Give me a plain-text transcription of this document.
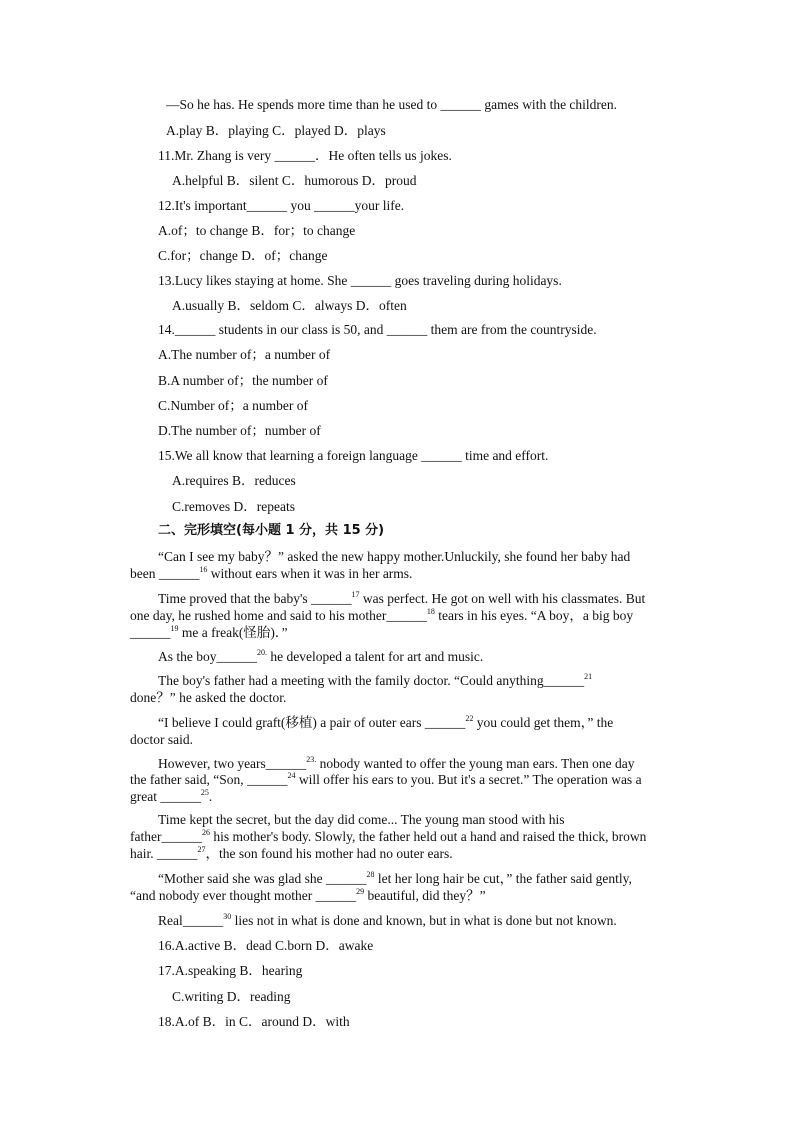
—So he has. He spends more time than he used to ______ games with the children.
A.play B．playing C．played D．plays
11.Mr. Zhang is very ______．He often tells us jokes.
A.helpful B．silent C．humorous D．proud
12.It's important______ you ______your life.
A.of；to change B．for；to change
C.for；change D．of；change
13.Lucy likes staying at home. She ______ goes traveling during holidays.
A.usually B．seldom C．always D．often
14.______ students in our class is 50, and ______ them are from the countryside.
A.The number of；a number of
B.A number of；the number of
C.Number of；a number of
D.The number of；number of
15.We all know that learning a foreign language ______ time and effort.
A.requires B．reduces
C.removes D．repeats
二、完形填空(每小题 1 分，共 15 分)
“Can I see my baby？” asked the new happy mother.Unluckily, she found her baby had
been ______$^{16}$ without ears when it was in her arms.
Time proved that the baby's ______$^{17}$ was perfect. He got on well with his classmates. But
one day, he rushed home and said to his mother______$^{18}$ tears in his eyes. “A boy，a big boy
______$^{19}$ me a freak(怪胎)．”
As the boy______$^{20.}$ he developed a talent for art and music.
The boy's father had a meeting with the family doctor. “Could anything______$^{21}$
done？” he asked the doctor.
“I believe I could graft(移植) a pair of outer ears ______$^{22}$ you could get them，” the
doctor said.
However, two years______$^{23.}$ nobody wanted to offer the young man ears. Then one day
the father said, “Son, ______$^{24}$ will offer his ears to you. But it's a secret.” The operation was a
great ______$^{25}$.
Time kept the secret, but the day did come... The young man stood with his
father______$^{26}$ his mother's body. Slowly, the father held out a hand and raised the thick, brown
hair. ______$^{27}$，the son found his mother had no outer ears.
“Mother said she was glad she ______$^{28}$ let her long hair be cut，” the father said gently,
“and nobody ever thought mother ______$^{29}$ beautiful, did they？”
Real______$^{30}$ lies not in what is done and known, but in what is done but not known.
16.A.active B．dead C.born D．awake
17.A.speaking B．hearing
C.writing D．reading
18.A.of B．in C．around D．with
